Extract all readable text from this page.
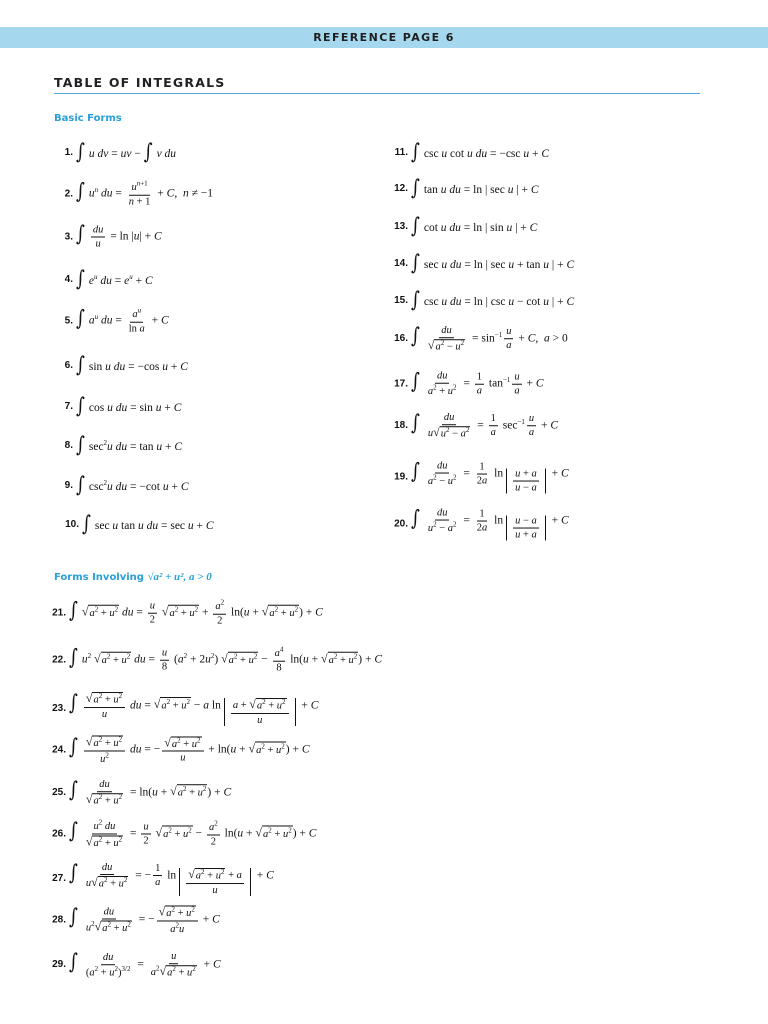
REFERENCE PAGE 6
TABLE OF INTEGRALS
Basic Forms
Forms Involving √a² + u², a > 0
1. ∫ u dv = uv − ∫ v du
2. ∫ $u^n$ du = $\frac{u^{n+1}}{n + 1} + C$,  n ≠ −1
3. ∫ $\frac{du}{u} = \ln |u| + C$
4. ∫ $e^u$ du = $e^u + C$
5. ∫ $a^u$ du = $\frac{a^u}{\text{ln a}} + C$
6. ∫ sin u du = −cos u + C
7. ∫ cos u du = sin u + C
8. ∫ $\sec^2u$ du = tan u + C
9. ∫ $\csc^2u$ du = −cot u + C
10. ∫ sec u tan u du = sec u + C
11. ∫ csc u cot u du = −csc u + C
12. ∫ tan u du = ln | sec u | + C
13. ∫ cot u du = ln | sin u | + C
14. ∫ sec u du = ln | sec u + tan u | + C
15. ∫ csc u du = ln | csc u − cot u | + C
16. ∫ $\frac{du}{√ a^2 - u^2} = \sin^{-1} \frac{u}{a} + C$,  a > 0
17. ∫ $\frac{du}{a^2 + u^2} = \frac{1}{a} \tan^{-1} \frac{u}{a} + C$
18. ∫ $\frac{du}{u √ u^2 - a^2} = \frac{1}{a} \sec^{-1} \frac{u}{a} + C$
19. ∫ $\frac{du}{a^2 - u^2} = \frac{1}{2a}$ $\ln \frac{u + a}{u - a} + C$
20. ∫ $\frac{du}{u^2 - a^2} = \frac{1}{2a}$ $\ln \frac{u - a}{u + a} + C$
21. ∫ √ $a^2 + u^2$ du = $\frac{u}{2}$
√ $a^2 + u^2 + \frac{a^2}{2} \ln(u$ + √ $a^2 + u^2$ ) + C
22. ∫ $u^2$ √ $a^2 + u^2$ du = $\frac{u}{8} (a^2 + 2u^2)$ √ $a^2 + u^2 - \frac{a^4}{8} \ln(u$ + √ $a^2 + u^2$ ) + C
23. ∫ $\frac{√ a^2 + u^2}{u}$ du = √ $a^2 + u^2 - a$ $\ln \frac{a + √ a^2 + u^2}{u} + C$
24. ∫ $\frac{√ a^2 + u^2}{u^2}$ du = − $\frac{√ a^2 + u^2}{u} + \ln(u$ + √ $a^2 + u^2$ ) + C
25. ∫ $\frac{du}{√ a^2 + u^2} = \ln(u$ + √ $a^2 + u^2$ ) + C
26. ∫ $\frac{u^2 du}{√ a^2 + u^2} = \frac{u}{2}$
√ $a^2 + u^2 - \frac{a^2}{2} \ln(u$ + √ $a^2 + u^2$ ) + C
27. ∫ $\frac{du}{u √ a^2 + u^2}$ = − $\frac{1}{a}$ $\ln \frac{√ a^2 + u^2 + a}{u} + C$
28. ∫ $\frac{du}{u^2 √ a^2 + u^2}$ = − $\frac{√ a^2 + u^2}{a^2u} + C$
29. ∫ $\frac{du}{(a^2 + u^2)^{3/2}} = \frac{u}{a^2 √ a^2 + u^2} + C$
